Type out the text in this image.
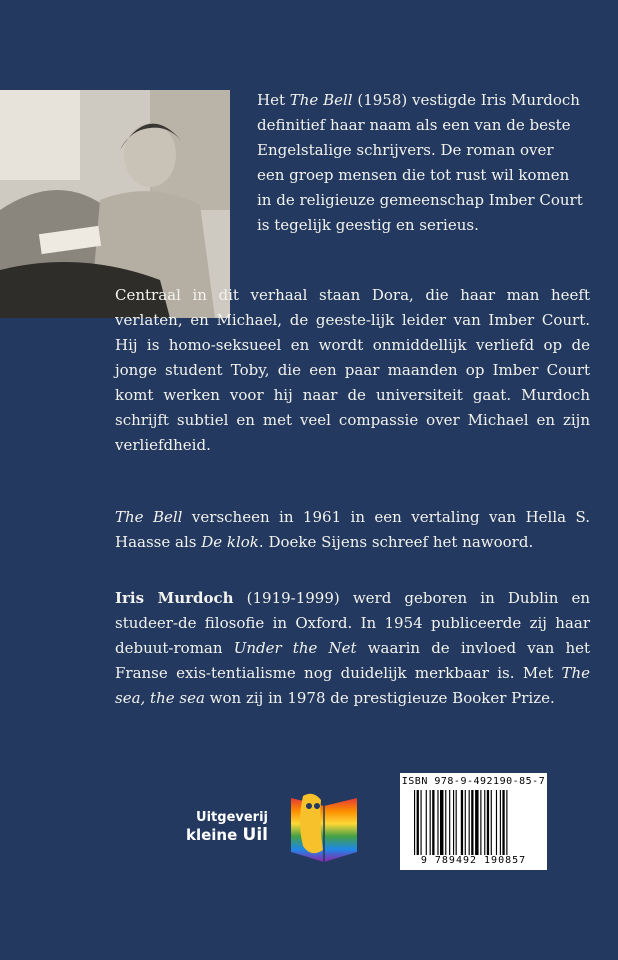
Het The Bell (1958) vestigde Iris Murdoch definitief haar naam als een van de beste Engelstalige schrijvers. De roman over een groep mensen die tot rust wil komen in de religieuze gemeenschap Imber Court is tegelijk geestig en serieus.

Centraal in dit verhaal staan Dora, die haar man heeft verlaten, en Michael, de geeste-lijk leider van Imber Court. Hij is homo-seksueel en wordt onmiddellijk verliefd op de jonge student Toby, die een paar maanden op Imber Court komt werken voor hij naar de universiteit gaat. Murdoch schrijft subtiel en met veel compassie over Michael en zijn verliefdheid.

The Bell verscheen in 1961 in een vertaling van Hella S. Haasse als De klok. Doeke Sijens schreef het nawoord.

Iris Murdoch (1919-1999) werd geboren in Dublin en studeer-de filosofie in Oxford. In 1954 publiceerde zij haar debuut-roman Under the Net waarin de invloed van het Franse exis-tentialisme nog duidelijk merkbaar is. Met The sea, the sea won zij in 1978 de prestigieuze Booker Prize.

Uitgeverij
kleine Uil
ISBN 978-9-492190-85-7
9 789492 190857
